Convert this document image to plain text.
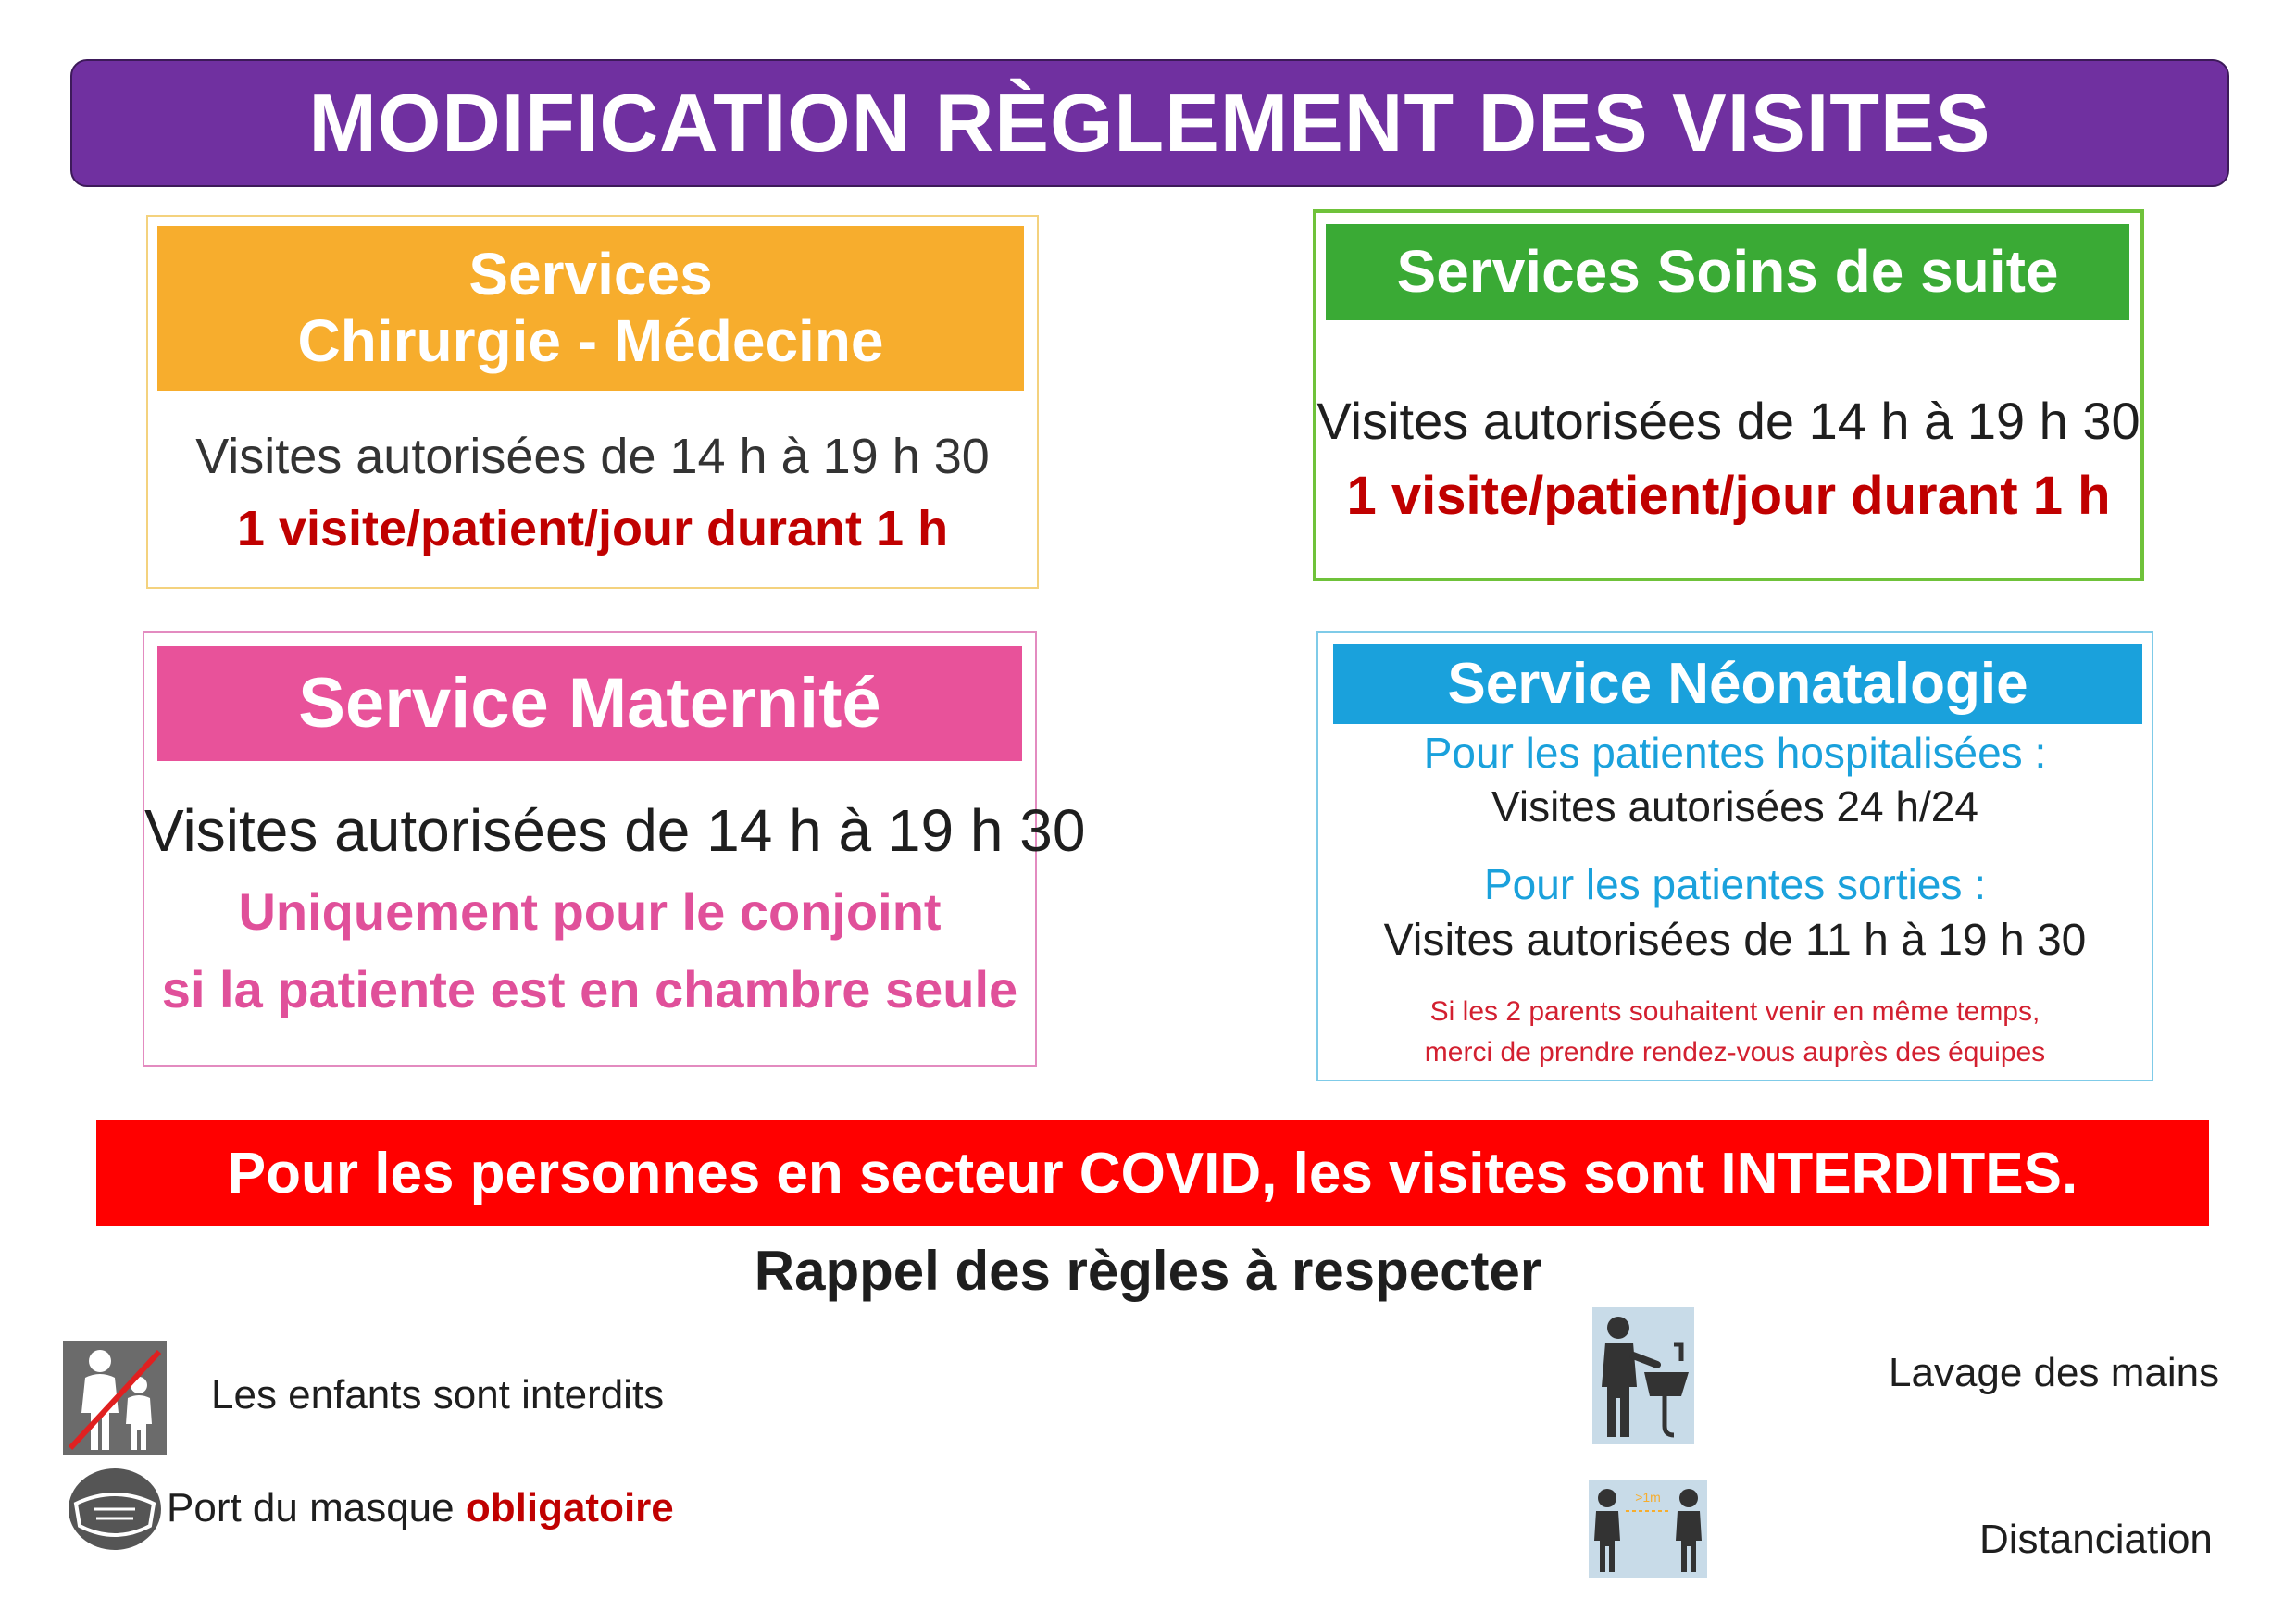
MODIFICATION RÈGLEMENT DES VISITES
Services
Chirurgie - Médecine
Visites autorisées de 14 h à 19 h 30
1 visite/patient/jour durant 1 h
Services Soins de suite
Visites autorisées de 14 h à 19 h 30
1 visite/patient/jour durant 1 h
Service Maternité
Visites autorisées de 14 h à 19 h 30
Uniquement pour le conjoint
si la patiente est en chambre seule
Service Néonatalogie
Pour les patientes hospitalisées :
Visites autorisées 24 h/24
Pour les patientes sorties :
Visites autorisées de 11 h à 19 h 30
Si les 2 parents souhaitent venir en même temps,
merci de prendre rendez-vous auprès des équipes
Pour les personnes en secteur COVID, les visites sont INTERDITES.
Rappel des règles à respecter
Les enfants sont interdits
Port du masque obligatoire
Lavage des mains
>1m
Distanciation
